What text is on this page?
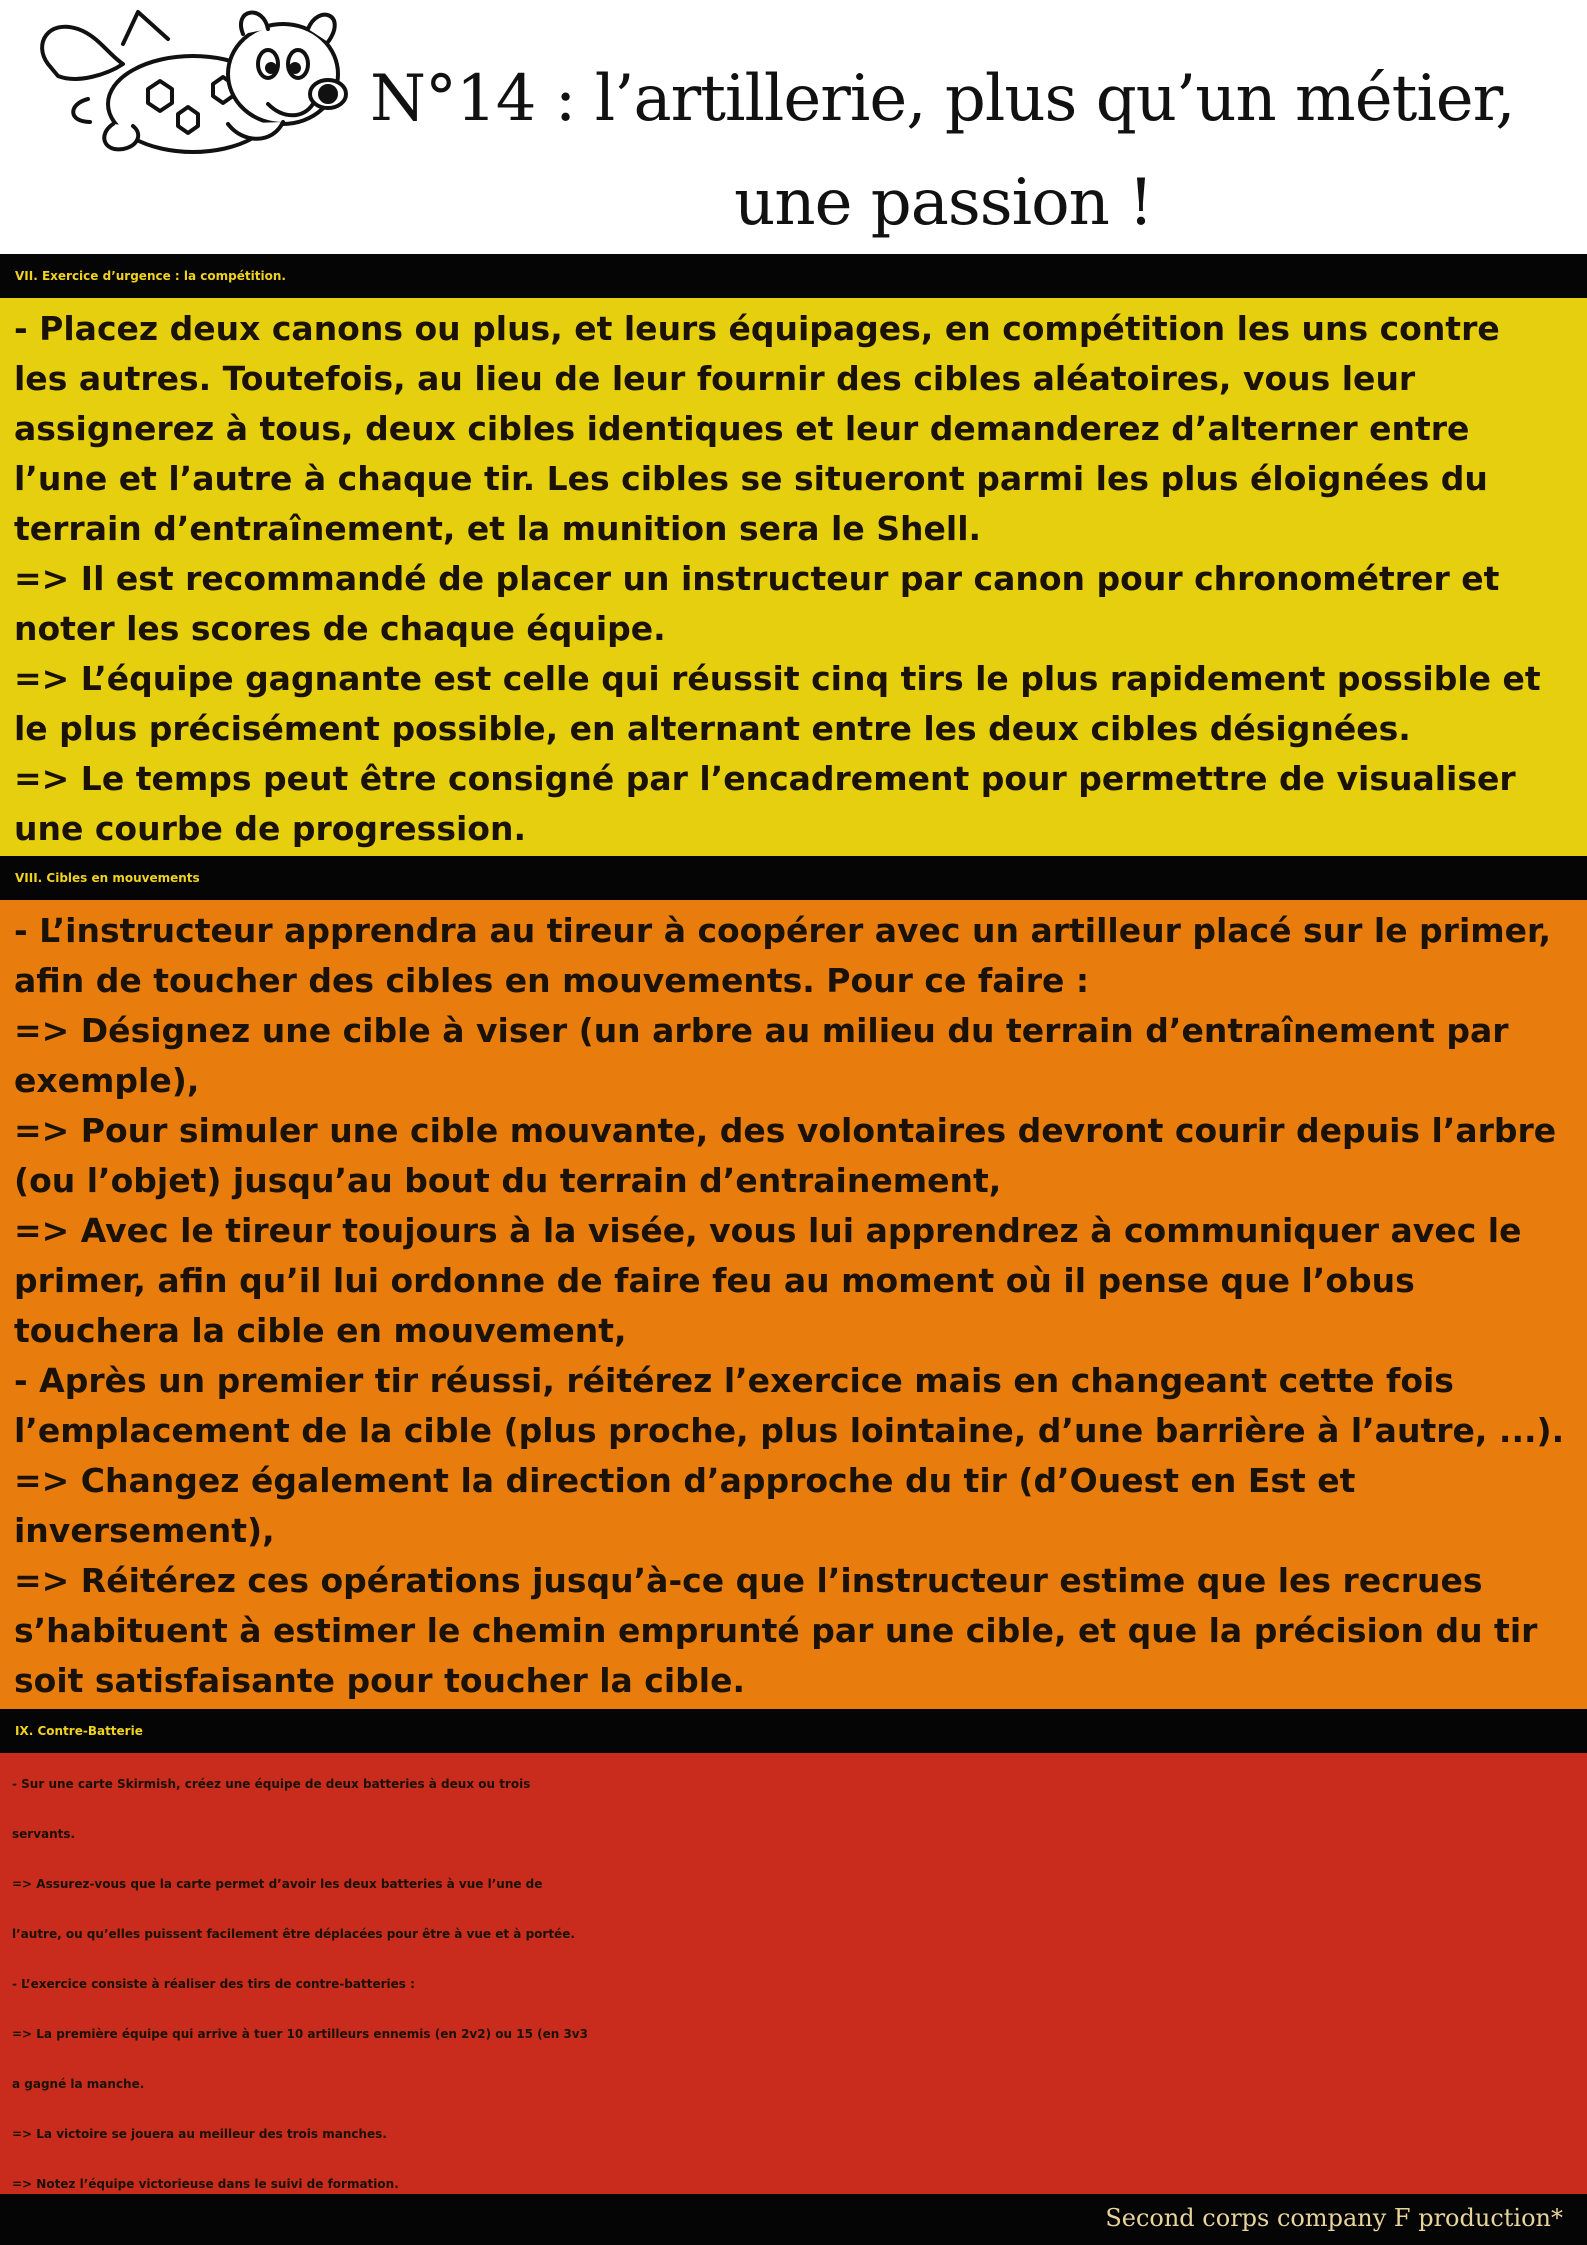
N°14 : l’artillerie, plus qu’un métier,
une passion !
VII. Exercice d’urgence : la compétition.

- Placez deux canons ou plus, et leurs équipages, en compétition les uns contre

les autres. Toutefois, au lieu de leur fournir des cibles aléatoires, vous leur

assignerez à tous, deux cibles identiques et leur demanderez d’alterner entre

l’une et l’autre à chaque tir. Les cibles se situeront parmi les plus éloignées du

terrain d’entraînement, et la munition sera le Shell.

=> Il est recommandé de placer un instructeur par canon pour chronométrer et

noter les scores de chaque équipe.

=> L’équipe gagnante est celle qui réussit cinq tirs le plus rapidement possible et

le plus précisément possible, en alternant entre les deux cibles désignées.

=> Le temps peut être consigné par l’encadrement pour permettre de visualiser

une courbe de progression.

VIII. Cibles en mouvements

- L’instructeur apprendra au tireur à coopérer avec un artilleur placé sur le primer,

afin de toucher des cibles en mouvements. Pour ce faire :

=> Désignez une cible à viser (un arbre au milieu du terrain d’entraînement par

exemple),

=> Pour simuler une cible mouvante, des volontaires devront courir depuis l’arbre

(ou l’objet) jusqu’au bout du terrain d’entrainement,

=> Avec le tireur toujours à la visée, vous lui apprendrez à communiquer avec le

primer, afin qu’il lui ordonne de faire feu au moment où il pense que l’obus

touchera la cible en mouvement,

- Après un premier tir réussi, réitérez l’exercice mais en changeant cette fois

l’emplacement de la cible (plus proche, plus lointaine, d’une barrière à l’autre, ...).

=> Changez également la direction d’approche du tir (d’Ouest en Est et

inversement),

=> Réitérez ces opérations jusqu’à-ce que l’instructeur estime que les recrues

s’habituent à estimer le chemin emprunté par une cible, et que la précision du tir

soit satisfaisante pour toucher la cible.

IX. Contre-Batterie

- Sur une carte Skirmish, créez une équipe de deux batteries à deux ou trois

servants.

=> Assurez-vous que la carte permet d’avoir les deux batteries à vue l’une de

l’autre, ou qu’elles puissent facilement être déplacées pour être à vue et à portée.

- L’exercice consiste à réaliser des tirs de contre-batteries :

=> La première équipe qui arrive à tuer 10 artilleurs ennemis (en 2v2) ou 15 (en 3v3

a gagné la manche.

=> La victoire se jouera au meilleur des trois manches.

=> Notez l’équipe victorieuse dans le suivi de formation.

Second corps company F production*
